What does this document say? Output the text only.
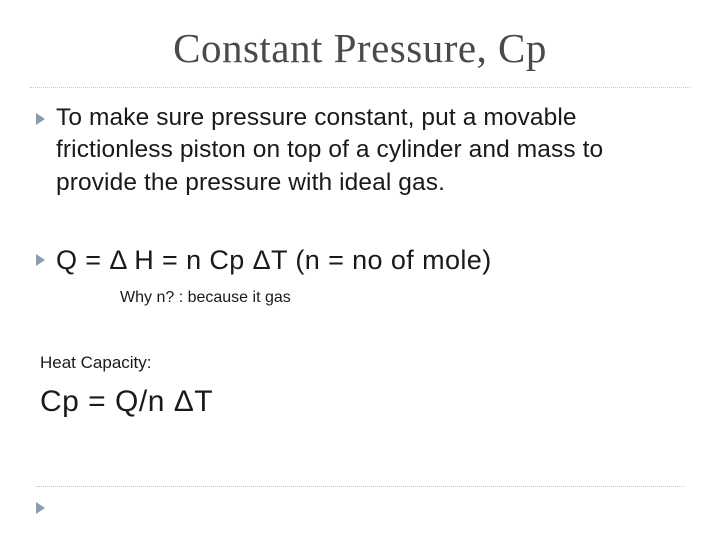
Constant Pressure, Cp
To make sure pressure constant, put a movable frictionless piston on top of a cylinder and mass to provide the pressure with ideal gas.
Q = Δ H = n Cp ΔT (n = no of mole)
Why n? : because it gas
Heat Capacity:
Cp = Q/n ΔT
